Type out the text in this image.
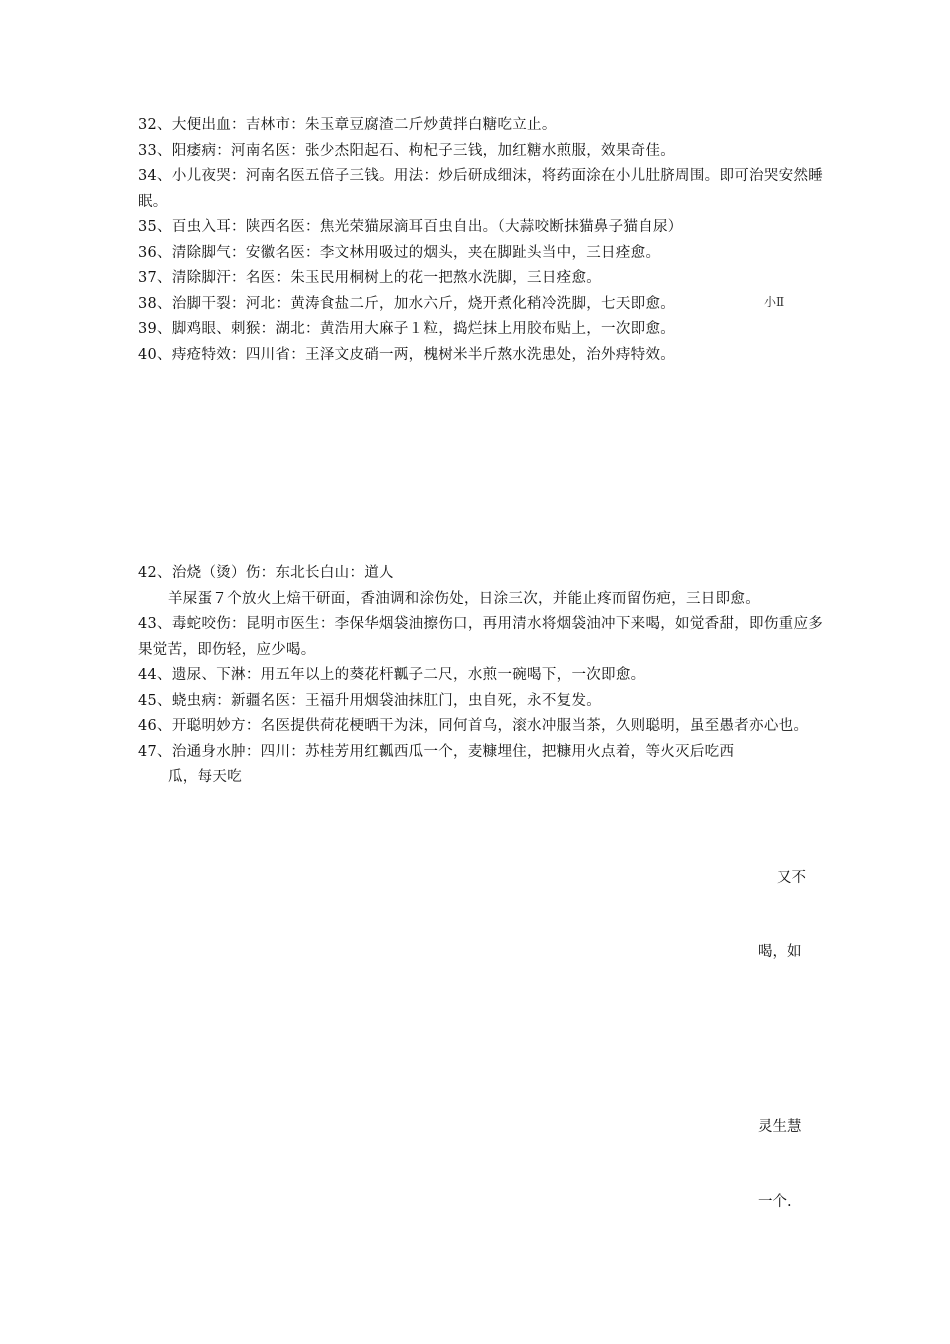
32、大便出血：吉林市：朱玉章豆腐渣二斤炒黄拌白糖吃立止。

33、阳痿病：河南名医：张少杰阳起石、枸杞子三钱，加红糖水煎服，效果奇佳。

34、小儿夜哭：河南名医五倍子三钱。用法：炒后研成细沫，将药面涂在小儿肚脐周围。即可治哭安然睡眠。

35、百虫入耳：陕西名医：焦光荣猫尿滴耳百虫自出。（大蒜咬断抹猫鼻子猫自尿）

36、清除脚气：安徽名医：李文林用吸过的烟头，夹在脚趾头当中，三日痊愈。

37、清除脚汗：名医：朱玉民用桐树上的花一把熬水洗脚，三日痊愈。

38、治脚干裂：河北：黄涛食盐二斤，加水六斤，烧开煮化稍冷洗脚，七天即愈。

39、脚鸡眼、刺猴：湖北：黄浩用大麻子１粒，捣烂抹上用胶布贴上，一次即愈。

40、痔疮特效：四川省：王泽文皮硝一两，槐树米半斤熬水洗患处，治外痔特效。

小Ⅱ

42、治烧（烫）伤：东北长白山：道人

羊屎蛋７个放火上焙干研面，香油调和涂伤处，日涂三次，并能止疼而留伤疤，三日即愈。

43、毒蛇咬伤：昆明市医生：李保华烟袋油擦伤口，再用清水将烟袋油冲下来喝，如觉香甜，即伤重应多果觉苦，即伤轻，应少喝。

44、遗尿、下淋：用五年以上的葵花杆瓤子二尺，水煎一碗喝下，一次即愈。

45、蛲虫病：新疆名医：王福升用烟袋油抹肛门，虫自死，永不复发。

46、开聪明妙方：名医提供荷花梗晒干为沫，同何首乌，滚水冲服当茶，久则聪明，虽至愚者亦心也。

47、治通身水肿：四川：苏桂芳用红瓤西瓜一个，麦糠埋住，把糠用火点着，等火灭后吃西

瓜，每天吃

又不
喝，如
灵生慧
一个.
